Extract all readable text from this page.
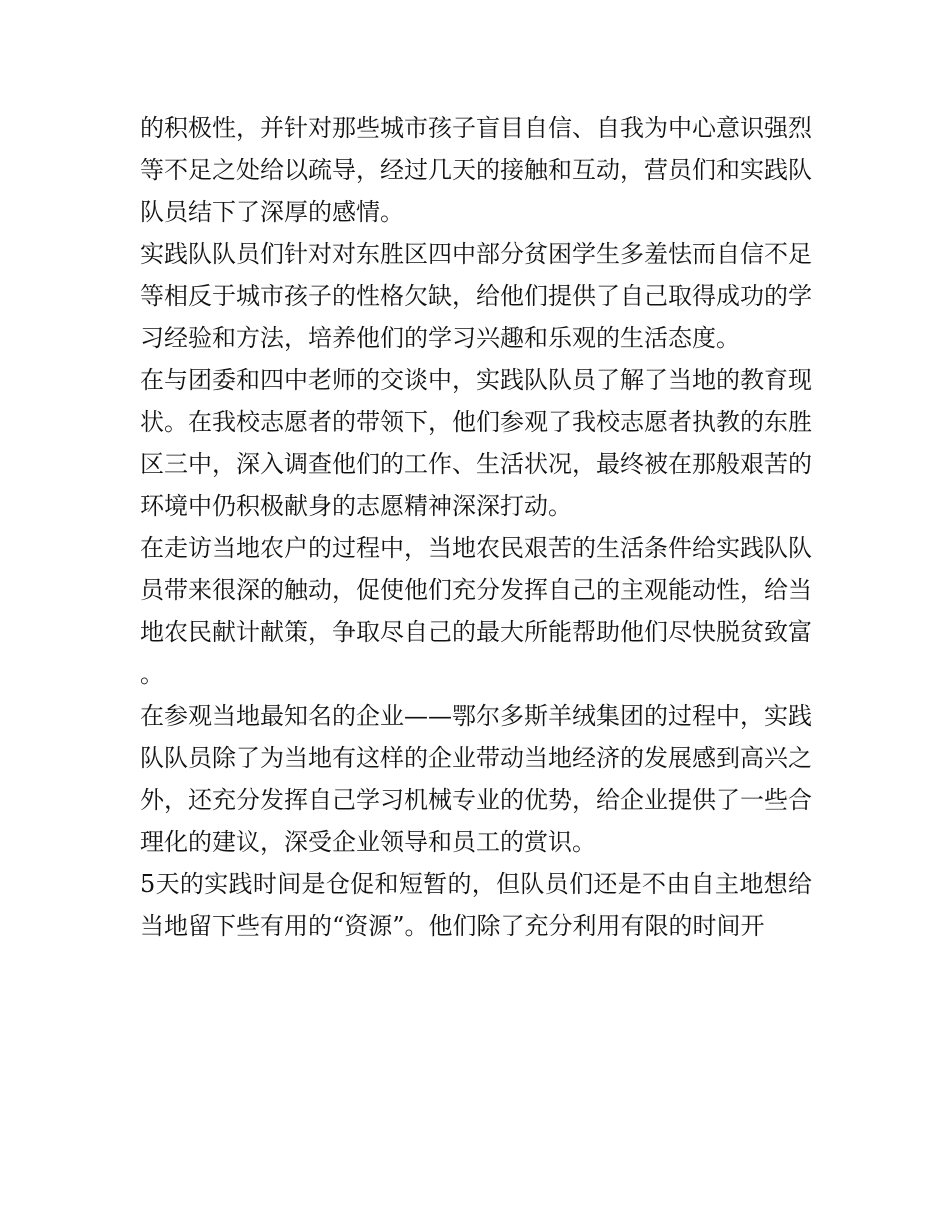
的积极性，并针对那些城市孩子盲目自信、自我为中心意识强烈等不足之处给以疏导，经过几天的接触和互动，营员们和实践队队员结下了深厚的感情。

实践队队员们针对对东胜区四中部分贫困学生多羞怯而自信不足等相反于城市孩子的性格欠缺，给他们提供了自己取得成功的学习经验和方法，培养他们的学习兴趣和乐观的生活态度。

在与团委和四中老师的交谈中，实践队队员了解了当地的教育现状。在我校志愿者的带领下，他们参观了我校志愿者执教的东胜区三中，深入调查他们的工作、生活状况，最终被在那般艰苦的环境中仍积极献身的志愿精神深深打动。

在走访当地农户的过程中，当地农民艰苦的生活条件给实践队队员带来很深的触动，促使他们充分发挥自己的主观能动性，给当地农民献计献策，争取尽自己的最大所能帮助他们尽快脱贫致富。

在参观当地最知名的企业——鄂尔多斯羊绒集团的过程中，实践队队员除了为当地有这样的企业带动当地经济的发展感到高兴之外，还充分发挥自己学习机械专业的优势，给企业提供了一些合理化的建议，深受企业领导和员工的赏识。

5天的实践时间是仓促和短暂的，但队员们还是不由自主地想给当地留下些有用的“资源”。他们除了充分利用有限的时间开
